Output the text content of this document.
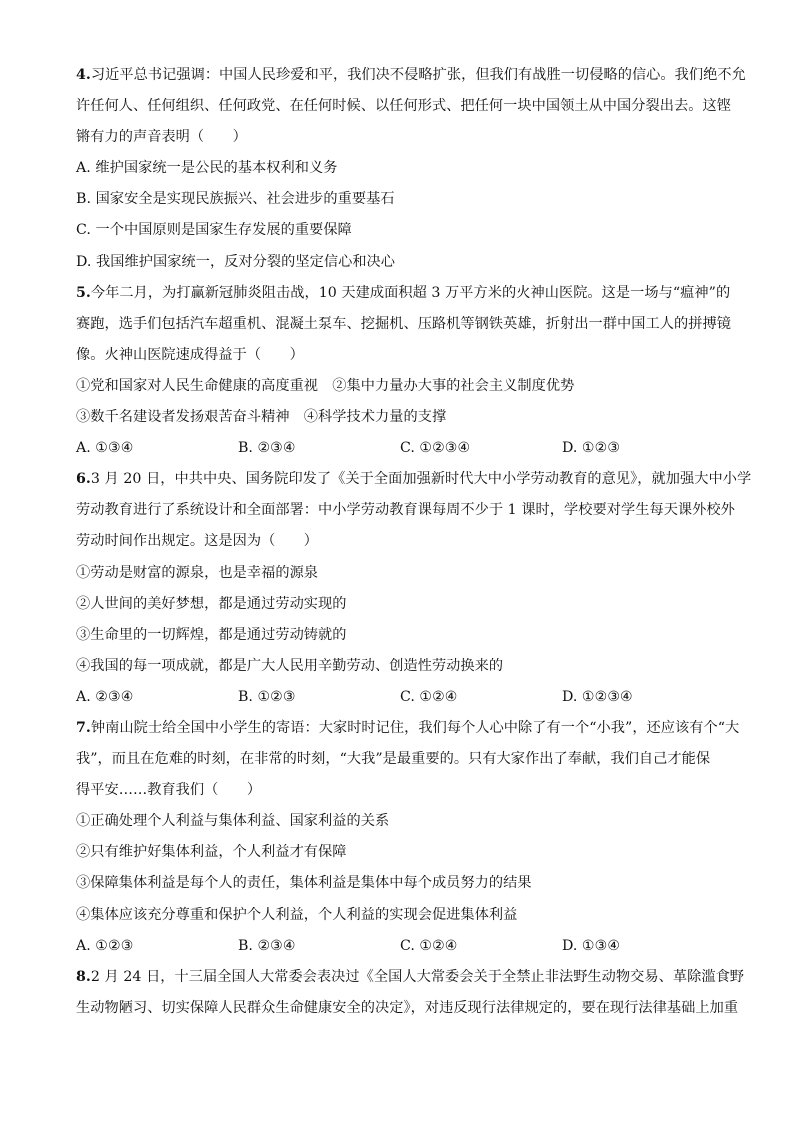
4.习近平总书记强调：中国人民珍爱和平，我们决不侵略扩张，但我们有战胜一切侵略的信心。我们绝不允
许任何人、任何组织、任何政党、在任何时候、以任何形式、把任何一块中国领土从中国分裂出去。这铿
锵有力的声音表明（　　）
A. 维护国家统一是公民的基本权利和义务
B. 国家安全是实现民族振兴、社会进步的重要基石
C. 一个中国原则是国家生存发展的重要保障
D. 我国维护国家统一，反对分裂的坚定信心和决心
5.今年二月，为打赢新冠肺炎阻击战，10 天建成面积超 3 万平方米的火神山医院。这是一场与“瘟神”的
赛跑，选手们包括汽车超重机、混凝土泵车、挖掘机、压路机等钢铁英雄，折射出一群中国工人的拼搏镜
像。火神山医院速成得益于（　　）
①党和国家对人民生命健康的高度重视　②集中力量办大事的社会主义制度优势
③数千名建设者发扬艰苦奋斗精神　④科学技术力量的支撑
A. ①③④	B. ②③④	C. ①②③④	D. ①②③
6.3 月 20 日，中共中央、国务院印发了《关于全面加强新时代大中小学劳动教育的意见》，就加强大中小学
劳动教育进行了系统设计和全面部署：中小学劳动教育课每周不少于 1 课时，学校要对学生每天课外校外
劳动时间作出规定。这是因为（　　）
①劳动是财富的源泉，也是幸福的源泉
②人世间的美好梦想，都是通过劳动实现的
③生命里的一切辉煌，都是通过劳动铸就的
④我国的每一项成就，都是广大人民用辛勤劳动、创造性劳动换来的
A. ②③④	B. ①②③	C. ①②④	D. ①②③④
7.钟南山院士给全国中小学生的寄语：大家时时记住，我们每个人心中除了有一个“小我”，还应该有个“大
我”，而且在危难的时刻，在非常的时刻，“大我”是最重要的。只有大家作出了奉献，我们自己才能保
得平安……教育我们（　　）
①正确处理个人利益与集体利益、国家利益的关系
②只有维护好集体利益，个人利益才有保障
③保障集体利益是每个人的责任，集体利益是集体中每个成员努力的结果
④集体应该充分尊重和保护个人利益，个人利益的实现会促进集体利益
A. ①②③	B. ②③④	C. ①②④	D. ①③④
8.2 月 24 日，十三届全国人大常委会表决过《全国人大常委会关于全禁止非法野生动物交易、革除滥食野
生动物陋习、切实保障人民群众生命健康安全的决定》，对违反现行法律规定的，要在现行法律基础上加重
